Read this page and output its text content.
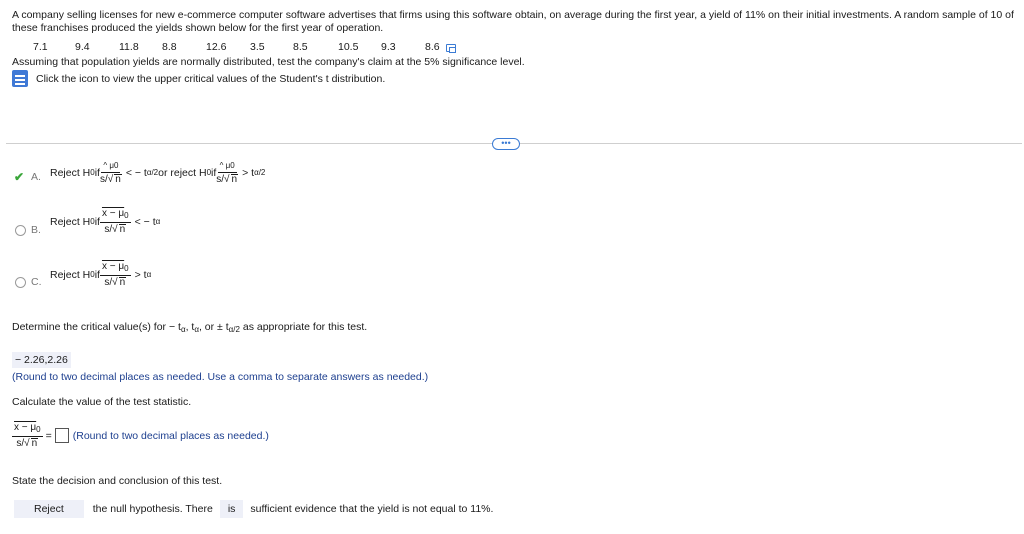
A company selling licenses for new e-commerce computer software advertises that firms using this software obtain, on average during the first year, a yield of 11% on their initial investments. A random sample of 10 of these franchises produced the yields shown below for the first year of operation.
7.1	9.4	11.8	8.8	12.6	3.5	8.5	10.5	9.3	8.6
Assuming that population yields are normally distributed, test the company's claim at the 5% significance level.
Click the icon to view the upper critical values of the Student's t distribution.
•••
✔ A. Reject H 0 if $\frac{\^{} \mu 0}{s/√ n}$ < − t α/2 or reject H 0 if $\frac{\^{} \mu 0}{s/√ n} > t$ α/2
B.
Reject H 0 if $\frac{x - \mu_0}{s/√ n}$ < − t α
C.
Reject H 0 if $\frac{x - \mu_0}{s/√ n} > t$ α
Determine the critical value(s) for − $t_\alpha$, $t_\alpha$, or ± $t_{\alpha/2}$ as appropriate for this test.
− 2.26,2.26
(Round to two decimal places as needed. Use a comma to separate answers as needed.)
Calculate the value of the test statistic.
$\frac{x - \mu_0}{s/√ n}$ = (Round to two decimal places as needed.)
State the decision and conclusion of this test.
Reject	the null hypothesis. There	is	sufficient evidence that the yield is not equal to 11%.
